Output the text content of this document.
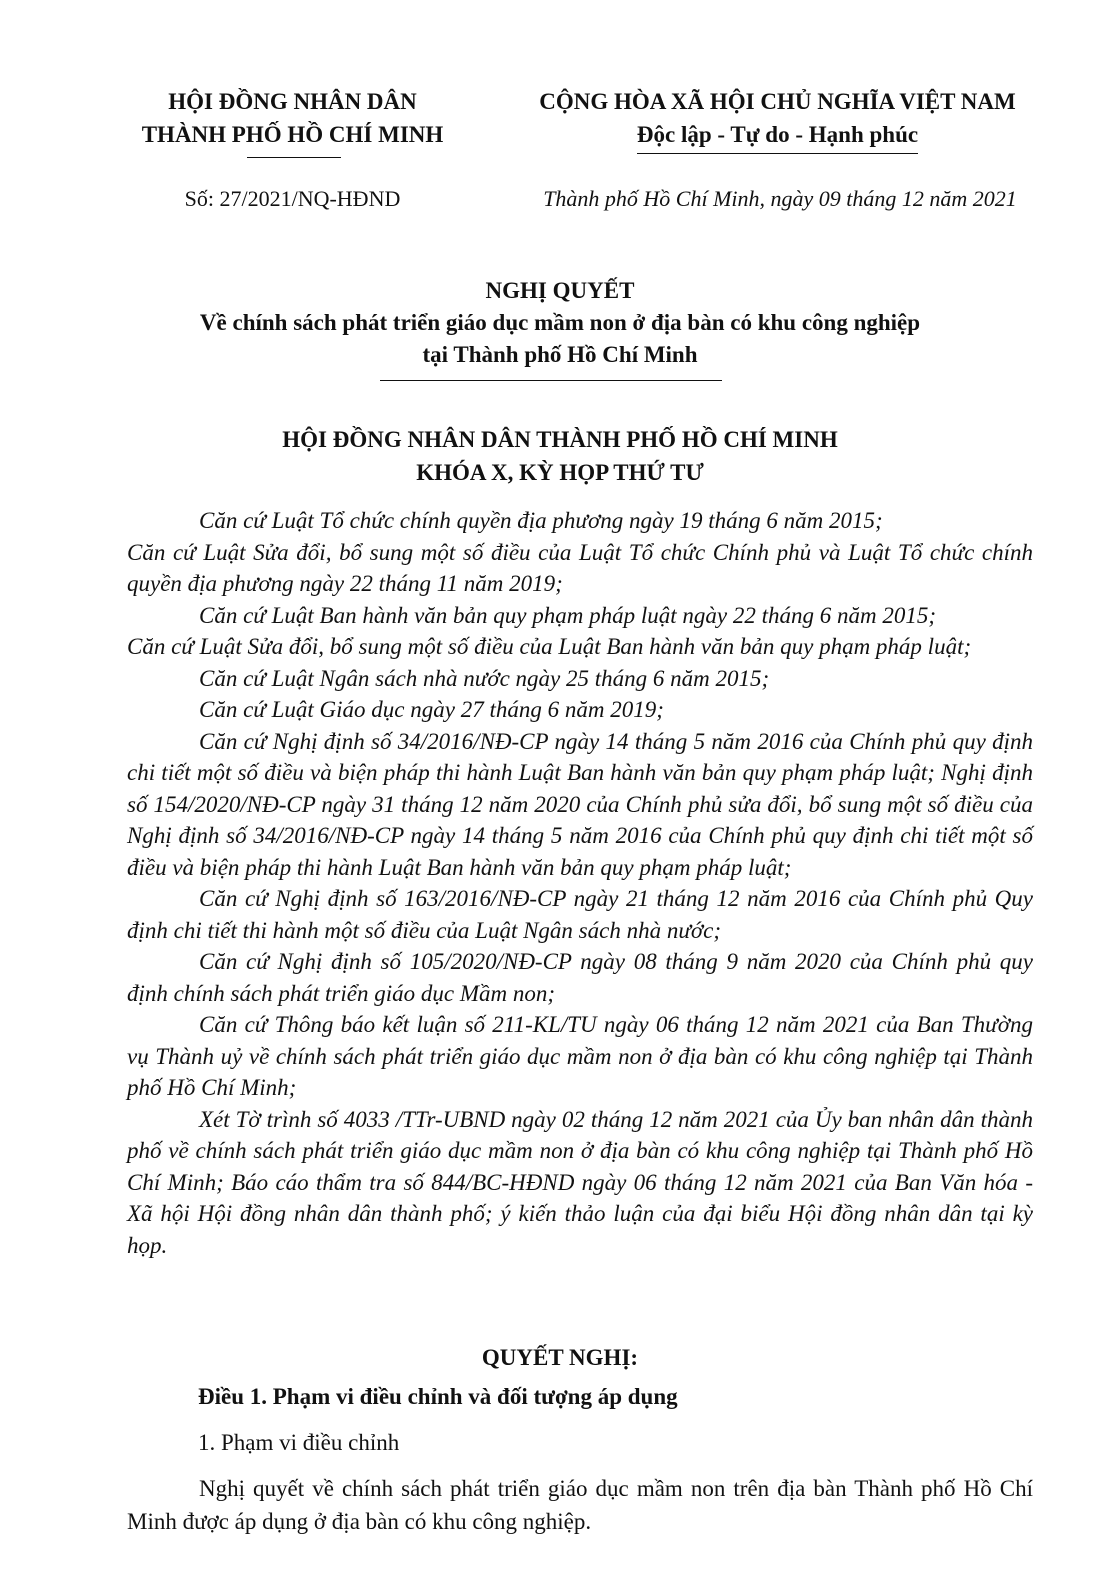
HỘI ĐỒNG NHÂN DÂN
THÀNH PHỐ HỒ CHÍ MINH
CỘNG HÒA XÃ HỘI CHỦ NGHĨA VIỆT NAM
Độc lập - Tự do - Hạnh phúc
Số: 27/2021/NQ-HĐND	Thành phố Hồ Chí Minh, ngày 09 tháng 12 năm 2021
NGHỊ QUYẾT
Về chính sách phát triển giáo dục mầm non ở địa bàn có khu công nghiệp
tại Thành phố Hồ Chí Minh
HỘI ĐỒNG NHÂN DÂN THÀNH PHỐ HỒ CHÍ MINH
KHÓA X, KỲ HỌP THỨ TƯ

Căn cứ Luật Tổ chức chính quyền địa phương ngày 19 tháng 6 năm 2015;

Căn cứ Luật Sửa đổi, bổ sung một số điều của Luật Tổ chức Chính phủ và Luật Tổ chức chính quyền địa phương ngày 22 tháng 11 năm 2019;

Căn cứ Luật Ban hành văn bản quy phạm pháp luật ngày 22 tháng 6 năm 2015;

Căn cứ Luật Sửa đổi, bổ sung một số điều của Luật Ban hành văn bản quy phạm pháp luật;

Căn cứ Luật Ngân sách nhà nước ngày 25 tháng 6 năm 2015;

Căn cứ Luật Giáo dục ngày 27 tháng 6 năm 2019;

Căn cứ Nghị định số 34/2016/NĐ-CP ngày 14 tháng 5 năm 2016 của Chính phủ quy định chi tiết một số điều và biện pháp thi hành Luật Ban hành văn bản quy phạm pháp luật; Nghị định số 154/2020/NĐ-CP ngày 31 tháng 12 năm 2020 của Chính phủ sửa đổi, bổ sung một số điều của Nghị định số 34/2016/NĐ-CP ngày 14 tháng 5 năm 2016 của Chính phủ quy định chi tiết một số điều và biện pháp thi hành Luật Ban hành văn bản quy phạm pháp luật;

Căn cứ Nghị định số 163/2016/NĐ-CP ngày 21 tháng 12 năm 2016 của Chính phủ Quy định chi tiết thi hành một số điều của Luật Ngân sách nhà nước;

Căn cứ Nghị định số 105/2020/NĐ-CP ngày 08 tháng 9 năm 2020 của Chính phủ quy định chính sách phát triển giáo dục Mầm non;

Căn cứ Thông báo kết luận số 211-KL/TU ngày 06 tháng 12 năm 2021 của Ban Thường vụ Thành uỷ về chính sách phát triển giáo dục mầm non ở địa bàn có khu công nghiệp tại Thành phố Hồ Chí Minh;

Xét Tờ trình số 4033 /TTr-UBND ngày 02 tháng 12 năm 2021 của Ủy ban nhân dân thành phố về chính sách phát triển giáo dục mầm non ở địa bàn có khu công nghiệp tại Thành phố Hồ Chí Minh; Báo cáo thẩm tra số 844/BC-HĐND ngày 06 tháng 12 năm 2021 của Ban Văn hóa - Xã hội Hội đồng nhân dân thành phố; ý kiến thảo luận của đại biểu Hội đồng nhân dân tại kỳ họp.

QUYẾT NGHỊ:
Điều 1. Phạm vi điều chỉnh và đối tượng áp dụng
1. Phạm vi điều chỉnh
Nghị quyết về chính sách phát triển giáo dục mầm non trên địa bàn Thành phố Hồ Chí Minh được áp dụng ở địa bàn có khu công nghiệp.
